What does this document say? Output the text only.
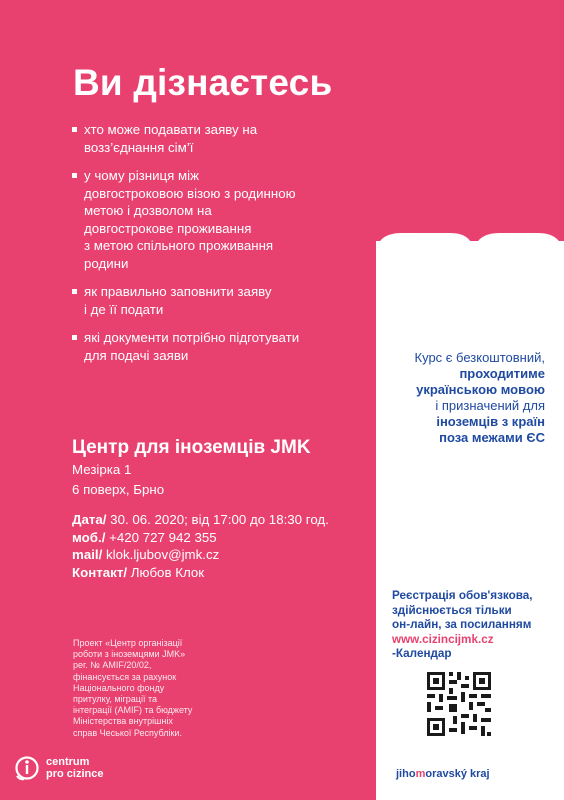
Ви дізнаєтесь
хто може подавати заяву на
возз’єднання сім’ї
у чому різниця між
довгостроковою візою з родинною
метою і дозволом на
довгострокове проживання
з метою спільного проживання
родини
як правильно заповнити заяву
і де її подати
які документи потрібно підготувати
для подачі заяви	Курс є безкоштовний,
проходитиме
українською мовою
і призначений для
іноземців з країн
поза межами ЄС
Центр для іноземців JMK
Мезірка 1
6 поверх, Брно
Дата/ 30. 06. 2020; від 17:00 до 18:30 год.
моб./ +420 727 942 355
mail/ klok.ljubov@jmk.cz
Контакт/ Любов Клок
Проект «Центр організації
роботи з іноземцями JMK»
рег. № AMIF/20/02,
фінансується за рахунок
Національного фонду
притулку, міграції та
інтеграції (AMIF) та бюджету
Міністерства внутрішніх
справ Чеської Республіки.
Реєстрація обов'язкова,
здійснюється тільки
он-лайн, за посиланням
www.cizincijmk.cz
-Календар
jihomoravský kraj
centrum
pro cizince
